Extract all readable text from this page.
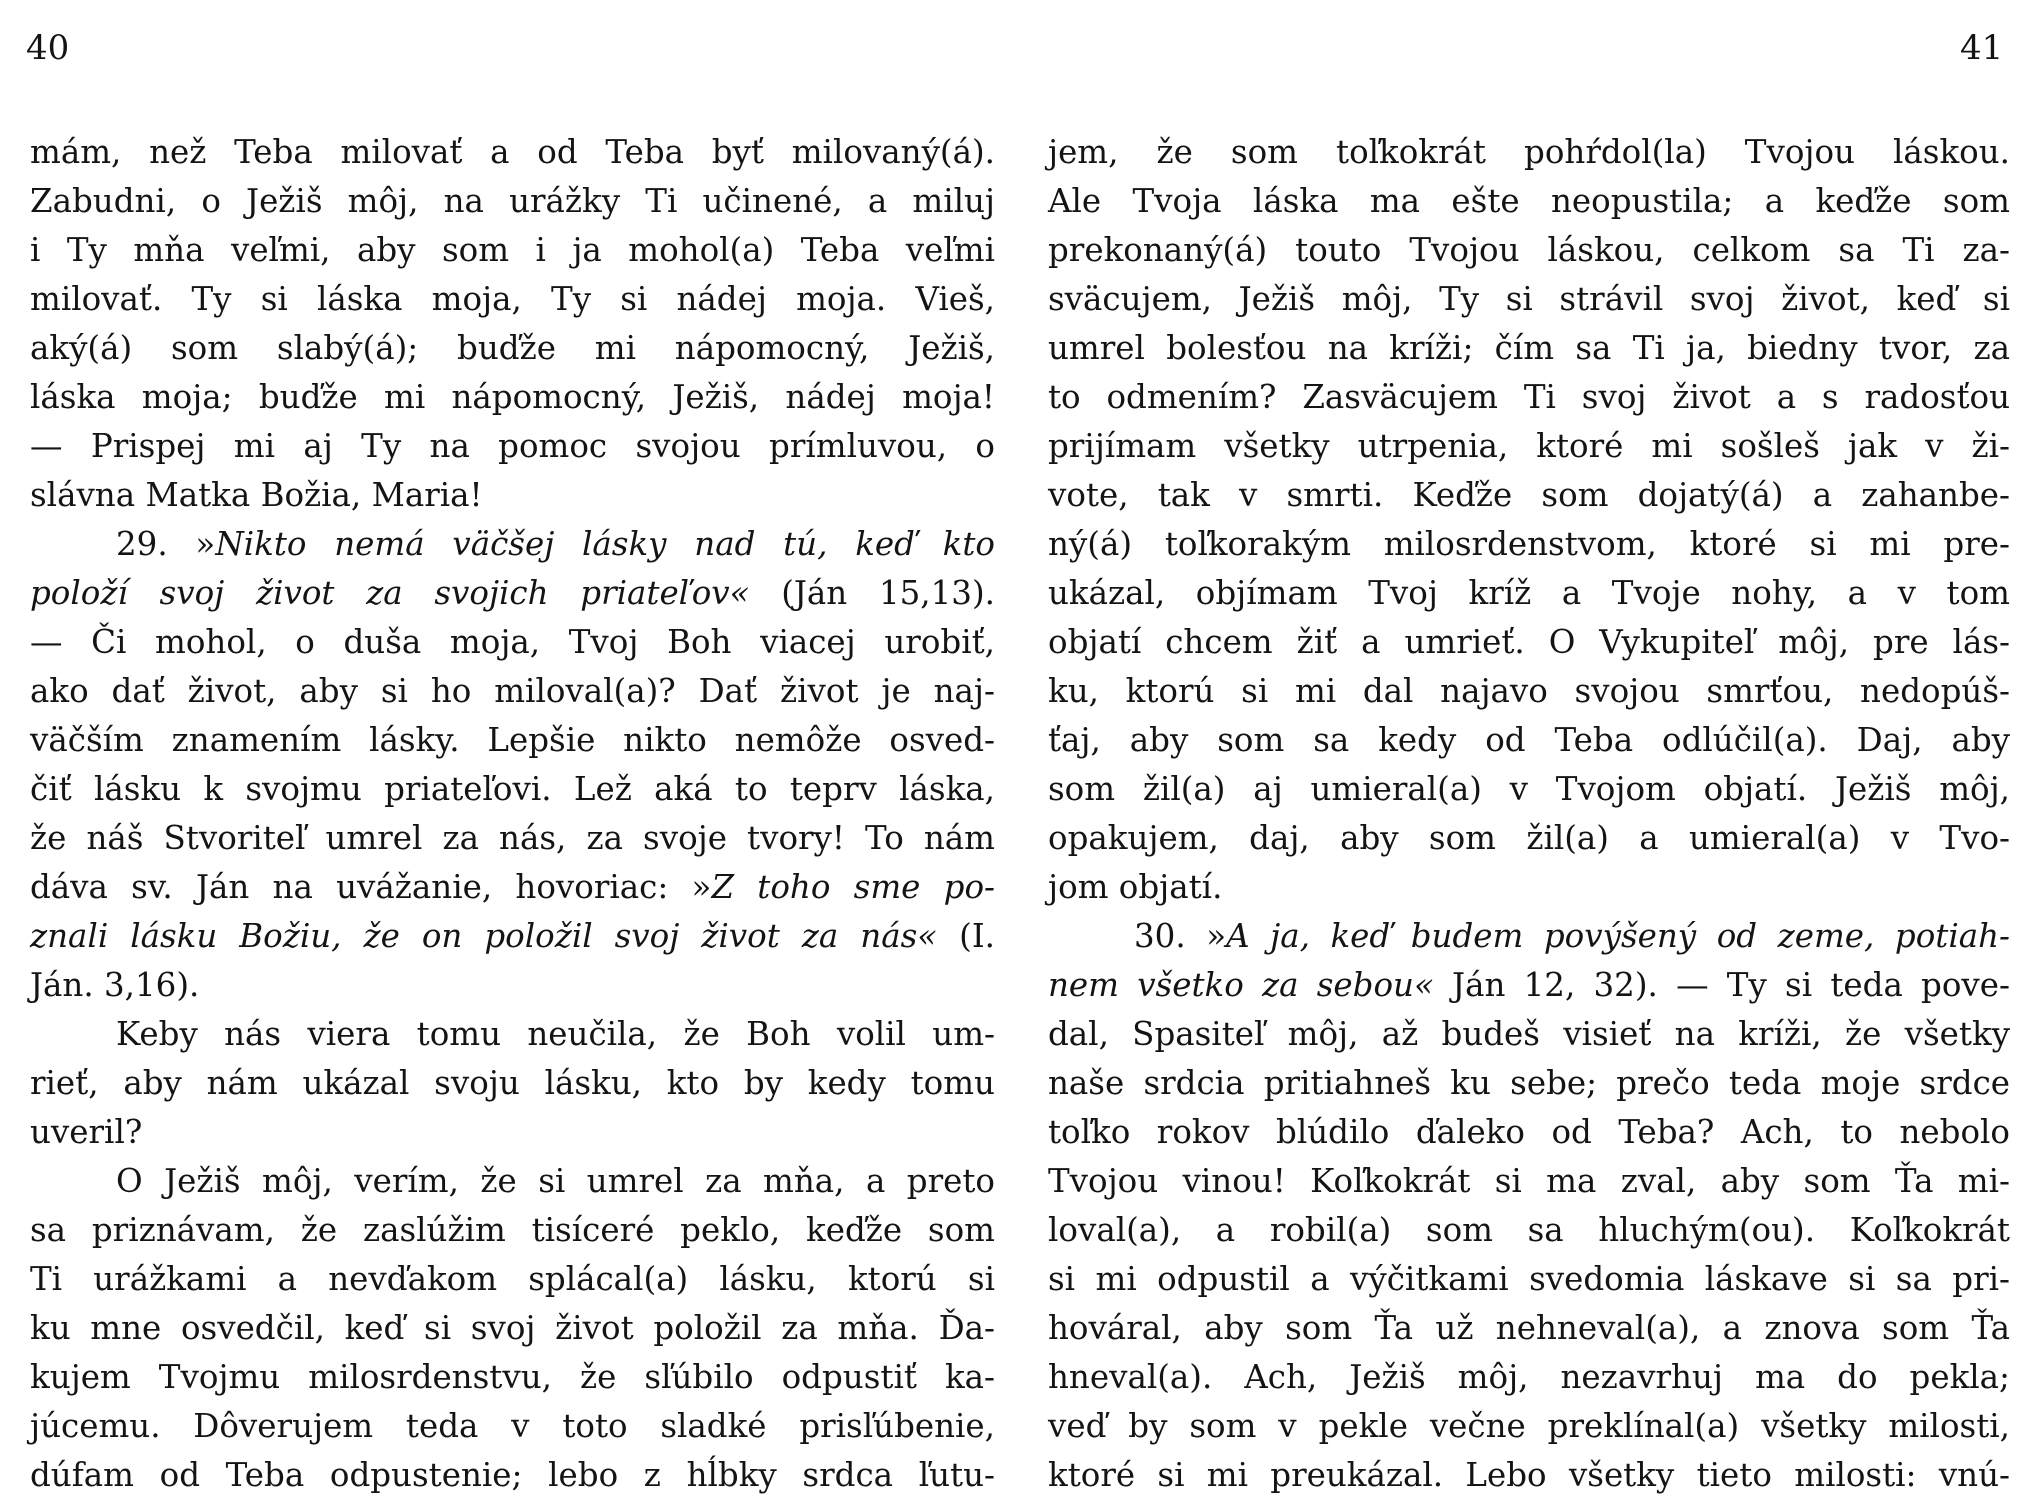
40
mám, než Teba milovať a od Teba byť milovaný(á).
Zabudni, o Ježiš môj, na urážky Ti učinené, a miluj
i Ty mňa veľmi, aby som i ja mohol(a) Teba veľmi
milovať. Ty si láska moja, Ty si nádej moja. Vieš,
aký(á) som slabý(á); buďže mi nápomocný, Ježiš,
láska moja; buďže mi nápomocný, Ježiš, nádej moja!
— Prispej mi aj Ty na pomoc svojou prímluvou, o
slávna Matka Božia, Maria!
29. »Nikto nemá väčšej lásky nad tú, keď kto
položí svoj život za svojich priateľov« (Ján 15,13).
— Či mohol, o duša moja, Tvoj Boh viacej urobiť,
ako dať život, aby si ho miloval(a)? Dať život je naj-
väčším znamením lásky. Lepšie nikto nemôže osved-
čiť lásku k svojmu priateľovi. Lež aká to teprv láska,
že náš Stvoriteľ umrel za nás, za svoje tvory! To nám
dáva sv. Ján na uvážanie, hovoriac: »Z toho sme po-
znali lásku Božiu, že on položil svoj život za nás« (I.
Ján. 3,16).
Keby nás viera tomu neučila, že Boh volil um-
rieť, aby nám ukázal svoju lásku, kto by kedy tomu
uveril?
O Ježiš môj, verím, že si umrel za mňa, a preto
sa priznávam, že zaslúžim tisíceré peklo, keďže som
Ti urážkami a nevďakom splácal(a) lásku, ktorú si
ku mne osvedčil, keď si svoj život položil za mňa. Ďa-
kujem Tvojmu milosrdenstvu, že sľúbilo odpustiť ka-
júcemu. Dôverujem teda v toto sladké prisľúbenie,
dúfam od Teba odpustenie; lebo z hĺbky srdca ľutu-
41
jem, že som toľkokrát pohŕdol(la) Tvojou láskou.
Ale Tvoja láska ma ešte neopustila; a keďže som
prekonaný(á) touto Tvojou láskou, celkom sa Ti za-
sväcujem, Ježiš môj, Ty si strávil svoj život, keď si
umrel bolesťou na kríži; čím sa Ti ja, biedny tvor, za
to odmením? Zasväcujem Ti svoj život a s radosťou
prijímam všetky utrpenia, ktoré mi sošleš jak v ži-
vote, tak v smrti. Keďže som dojatý(á) a zahanbe-
ný(á) toľkorakým milosrdenstvom, ktoré si mi pre-
ukázal, objímam Tvoj kríž a Tvoje nohy, a v tom
objatí chcem žiť a umrieť. O Vykupiteľ môj, pre lás-
ku, ktorú si mi dal najavo svojou smrťou, nedopúš-
ťaj, aby som sa kedy od Teba odlúčil(a). Daj, aby
som žil(a) aj umieral(a) v Tvojom objatí. Ježiš môj,
opakujem, daj, aby som žil(a) a umieral(a) v Tvo-
jom objatí.
30. »A ja, keď budem povýšený od zeme, potiah-
nem všetko za sebou« Ján 12, 32). — Ty si teda pove-
dal, Spasiteľ môj, až budeš visieť na kríži, že všetky
naše srdcia pritiahneš ku sebe; prečo teda moje srdce
toľko rokov blúdilo ďaleko od Teba? Ach, to nebolo
Tvojou vinou! Koľkokrát si ma zval, aby som Ťa mi-
loval(a), a robil(a) som sa hluchým(ou). Koľkokrát
si mi odpustil a výčitkami svedomia láskave si sa pri-
hováral, aby som Ťa už nehneval(a), a znova som Ťa
hneval(a). Ach, Ježiš môj, nezavrhuj ma do pekla;
veď by som v pekle večne preklínal(a) všetky milosti,
ktoré si mi preukázal. Lebo všetky tieto milosti: vnú-
